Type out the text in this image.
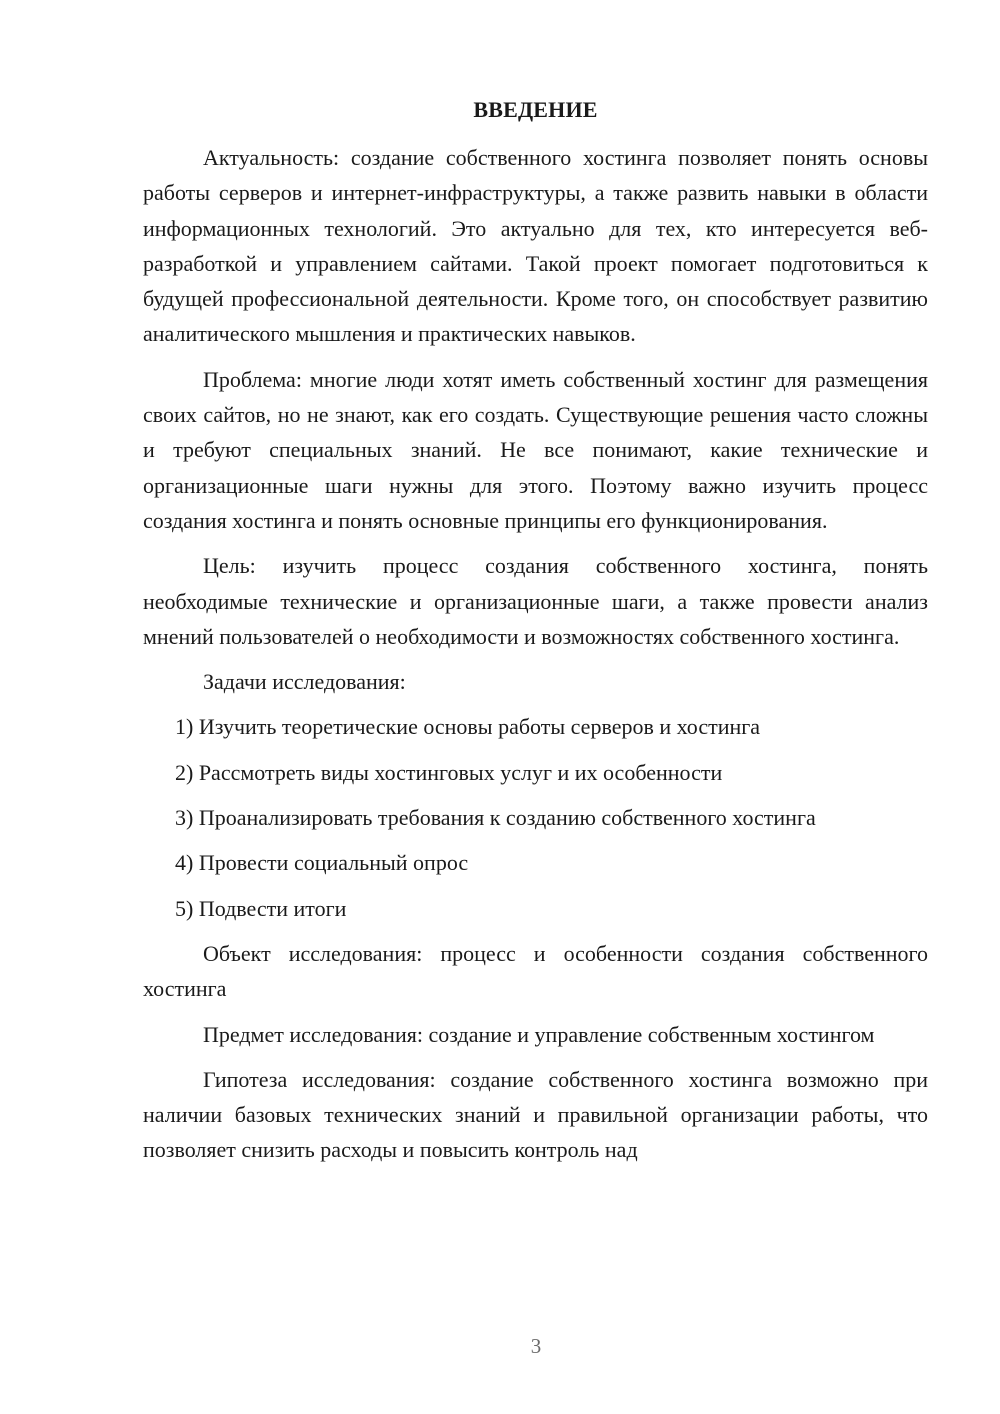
ВВЕДЕНИЕ

Актуальность: создание собственного хостинга позволяет понять основы работы серверов и интернет-инфраструктуры, а также развить навыки в области информационных технологий. Это актуально для тех, кто интересуется веб-разработкой и управлением сайтами. Такой проект помогает подготовиться к будущей профессиональной деятельности. Кроме того, он способствует развитию аналитического мышления и практических навыков.

Проблема: многие люди хотят иметь собственный хостинг для размещения своих сайтов, но не знают, как его создать. Существующие решения часто сложны и требуют специальных знаний. Не все понимают, какие технические и организационные шаги нужны для этого. Поэтому важно изучить процесс создания хостинга и понять основные принципы его функционирования.

Цель: изучить процесс создания собственного хостинга, понять необходимые технические и организационные шаги, а также провести анализ мнений пользователей о необходимости и возможностях собственного хостинга.

Задачи исследования:

1) Изучить теоретические основы работы серверов и хостинга
2) Рассмотреть виды хостинговых услуг и их особенности
3) Проанализировать требования к созданию собственного хостинга
4) Провести социальный опрос
5) Подвести итоги

Объект исследования: процесс и особенности создания собственного хостинга

Предмет исследования: создание и управление собственным хостингом

Гипотеза исследования: создание собственного хостинга возможно при наличии базовых технических знаний и правильной организации работы, что позволяет снизить расходы и повысить контроль над

3
